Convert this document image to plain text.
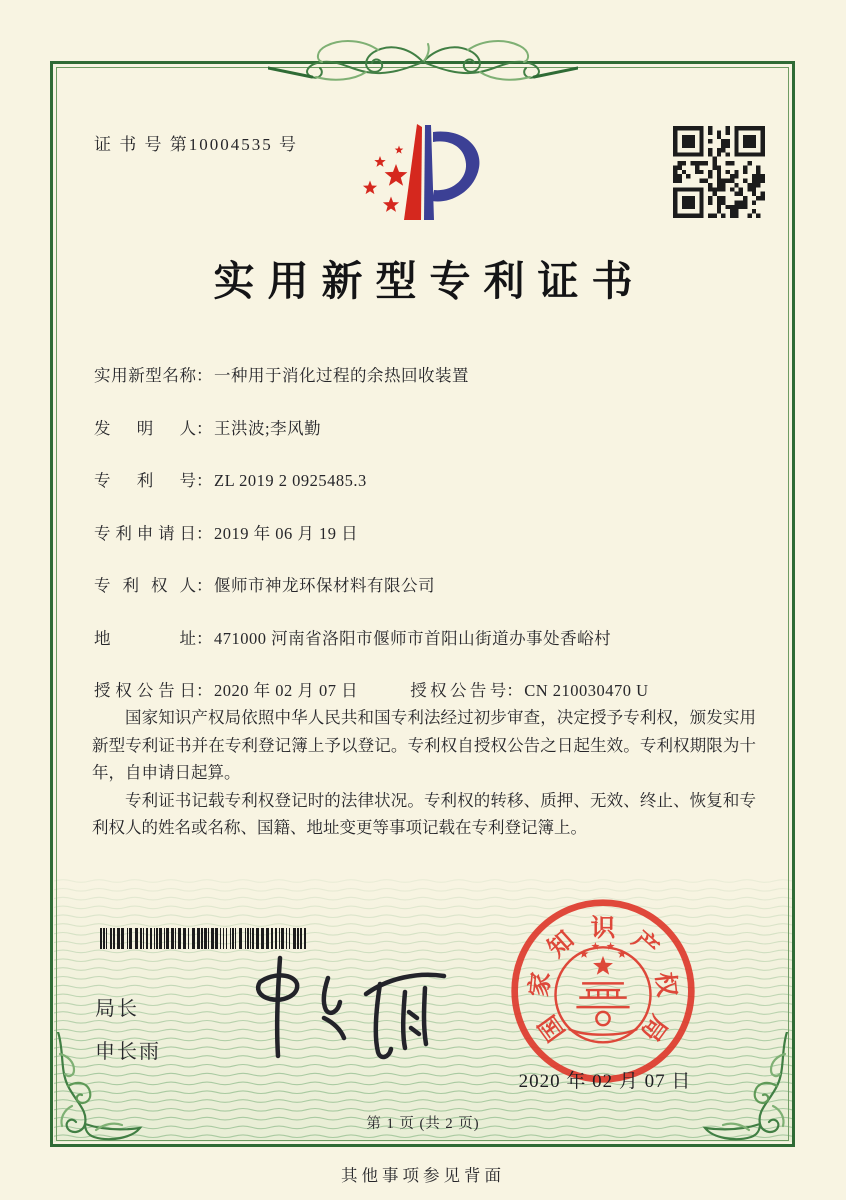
证 书 号 第10004535 号
实用新型专利证书
实用新型名称：一种用于消化过程的余热回收装置
发明人：王洪波;李风勤
专利号：ZL 2019 2 0925485.3
专利申请日：2019 年 06 月 19 日
专利权人：偃师市神龙环保材料有限公司
地址：471000 河南省洛阳市偃师市首阳山街道办事处香峪村
授权公告日：2020 年 02 月 07 日	授权公告号：CN 210030470 U

国家知识产权局依照中华人民共和国专利法经过初步审查，决定授予专利权，颁发实用新型专利证书并在专利登记簿上予以登记。专利权自授权公告之日起生效。专利权期限为十年，自申请日起算。

专利证书记载专利权登记时的法律状况。专利权的转移、质押、无效、终止、恢复和专利权人的姓名或名称、国籍、地址变更等事项记载在专利登记簿上。

局长
申长雨
国
家
知 识 产
权
局
2020 年 02 月 07 日
第 1 页 (共 2 页)
其他事项参见背面
